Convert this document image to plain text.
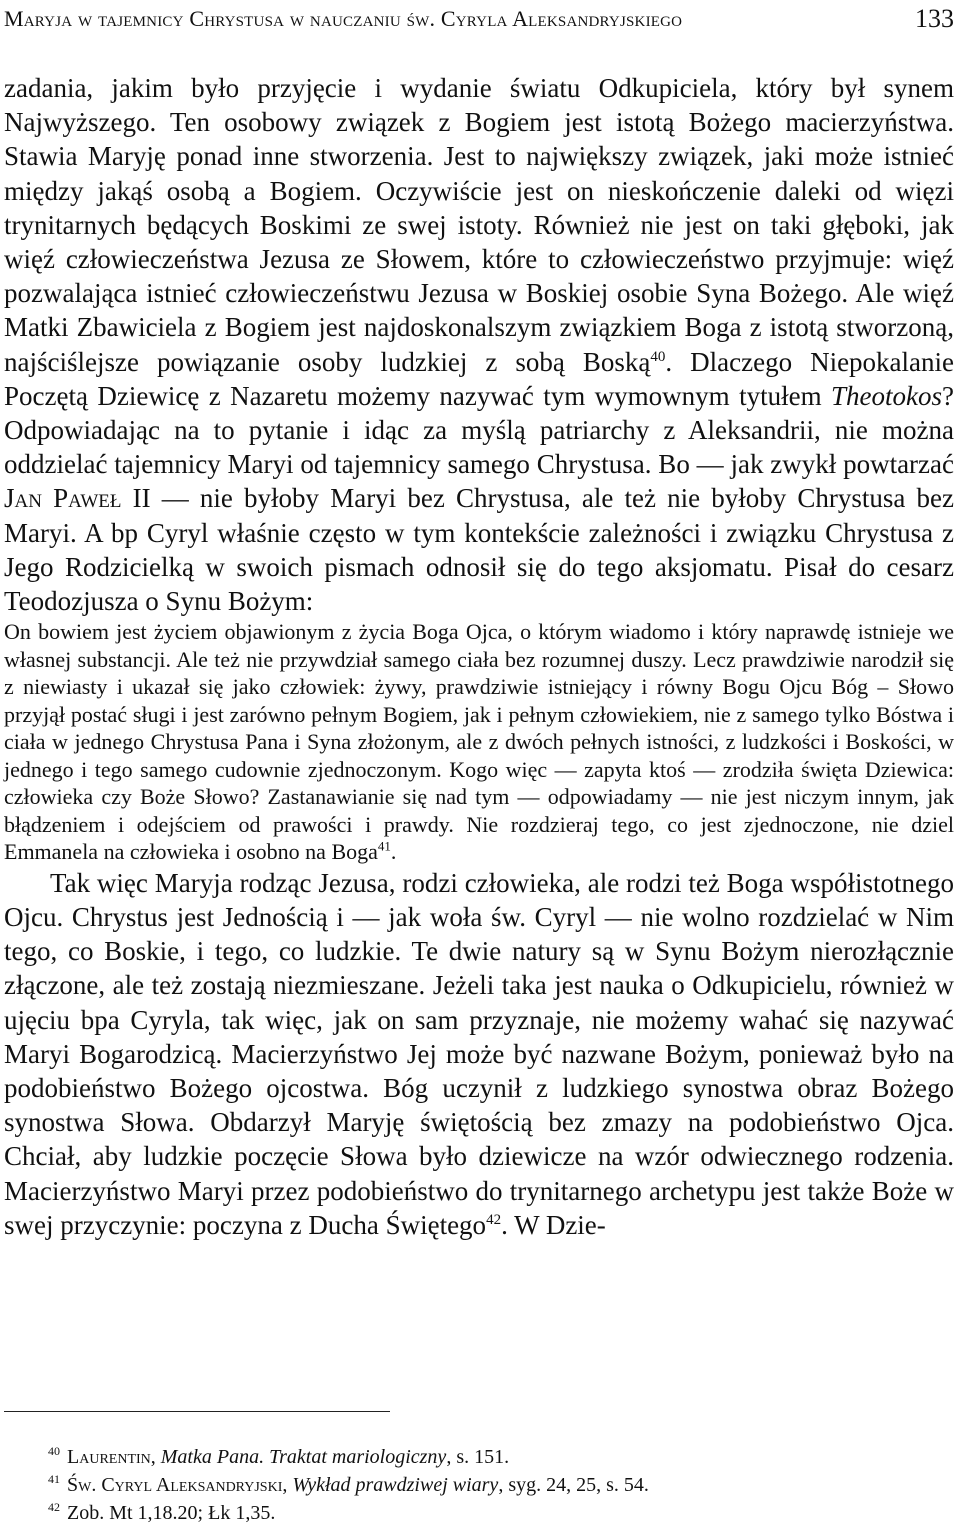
Maryja w tajemnicy Chrystusa w nauczaniu św. Cyryla Aleksandryjskiego	133

zadania, jakim było przyjęcie i wydanie światu Odkupiciela, który był synem Najwyższego. Ten osobowy związek z Bogiem jest istotą Bożego macierzyństwa. Stawia Maryję ponad inne stworzenia. Jest to największy związek, jaki może istnieć między jakąś osobą a Bogiem. Oczywiście jest on nieskończenie daleki od więzi trynitarnych będących Boskimi ze swej istoty. Również nie jest on taki głęboki, jak więź człowieczeństwa Jezusa ze Słowem, które to człowieczeństwo przyjmuje: więź pozwalająca istnieć człowieczeństwu Jezusa w Boskiej osobie Syna Bożego. Ale więź Matki Zbawiciela z Bogiem jest najdoskonalszym związkiem Boga z istotą stworzoną, najściślejsze powiązanie osoby ludzkiej z sobą Boską$^{40}$. Dlaczego Niepokalanie Poczętą Dziewicę z Nazaretu możemy nazywać tym wymownym tytułem Theotokos? Odpowiadając na to pytanie i idąc za myślą patriarchy z Aleksandrii, nie można oddzielać tajemnicy Maryi od tajemnicy samego Chrystusa. Bo — jak zwykł powtarzać Jan Paweł II — nie byłoby Maryi bez Chrystusa, ale też nie byłoby Chrystusa bez Maryi. A bp Cyryl właśnie często w tym kontekście zależności i związku Chrystusa z Jego Rodzicielką w swoich pismach odnosił się do tego aksjomatu. Pisał do cesarz Teodozjusza o Synu Bożym:

On bowiem jest życiem objawionym z życia Boga Ojca, o którym wiadomo i który naprawdę istnieje we własnej substancji. Ale też nie przywdział samego ciała bez rozumnej duszy. Lecz prawdziwie narodził się z niewiasty i ukazał się jako człowiek: żywy, prawdziwie istniejący i równy Bogu Ojcu Bóg – Słowo przyjął postać sługi i jest zarówno pełnym Bogiem, jak i pełnym człowiekiem, nie z samego tylko Bóstwa i ciała w jednego Chrystusa Pana i Syna złożonym, ale z dwóch pełnych istności, z ludzkości i Boskości, w jednego i tego samego cudownie zjednoczonym. Kogo więc — zapyta ktoś — zrodziła święta Dziewica: człowieka czy Boże Słowo? Zastanawianie się nad tym — odpowiadamy — nie jest niczym innym, jak błądzeniem i odejściem od prawości i prawdy. Nie rozdzieraj tego, co jest zjednoczone, nie dziel Emmanela na człowieka i osobno na Boga$^{41}$.

Tak więc Maryja rodząc Jezusa, rodzi człowieka, ale rodzi też Boga współistotnego Ojcu. Chrystus jest Jednością i — jak woła św. Cyryl — nie wolno rozdzielać w Nim tego, co Boskie, i tego, co ludzkie. Te dwie natury są w Synu Bożym nierozłącznie złączone, ale też zostają niezmieszane. Jeżeli taka jest nauka o Odkupicielu, również w ujęciu bpa Cyryla, tak więc, jak on sam przyznaje, nie możemy wahać się nazywać Maryi Bogarodzicą. Macierzyństwo Jej może być nazwane Bożym, ponieważ było na podobieństwo Bożego ojcostwa. Bóg uczynił z ludzkiego synostwa obraz Bożego synostwa Słowa. Obdarzył Maryję świętością bez zmazy na podobieństwo Ojca. Chciał, aby ludzkie poczęcie Słowa było dziewicze na wzór odwiecznego rodzenia. Macierzyństwo Maryi przez podobieństwo do trynitarnego archetypu jest także Boże w swej przyczynie: poczyna z Ducha Świętego$^{42}$. W Dzie-

$^{40}$ Laurentin, Matka Pana. Traktat mariologiczny, s. 151.

$^{41}$ Św. Cyryl Aleksandryjski, Wykład prawdziwej wiary, syg. 24, 25, s. 54.

$^{42}$ Zob. Mt 1,18.20; Łk 1,35.
